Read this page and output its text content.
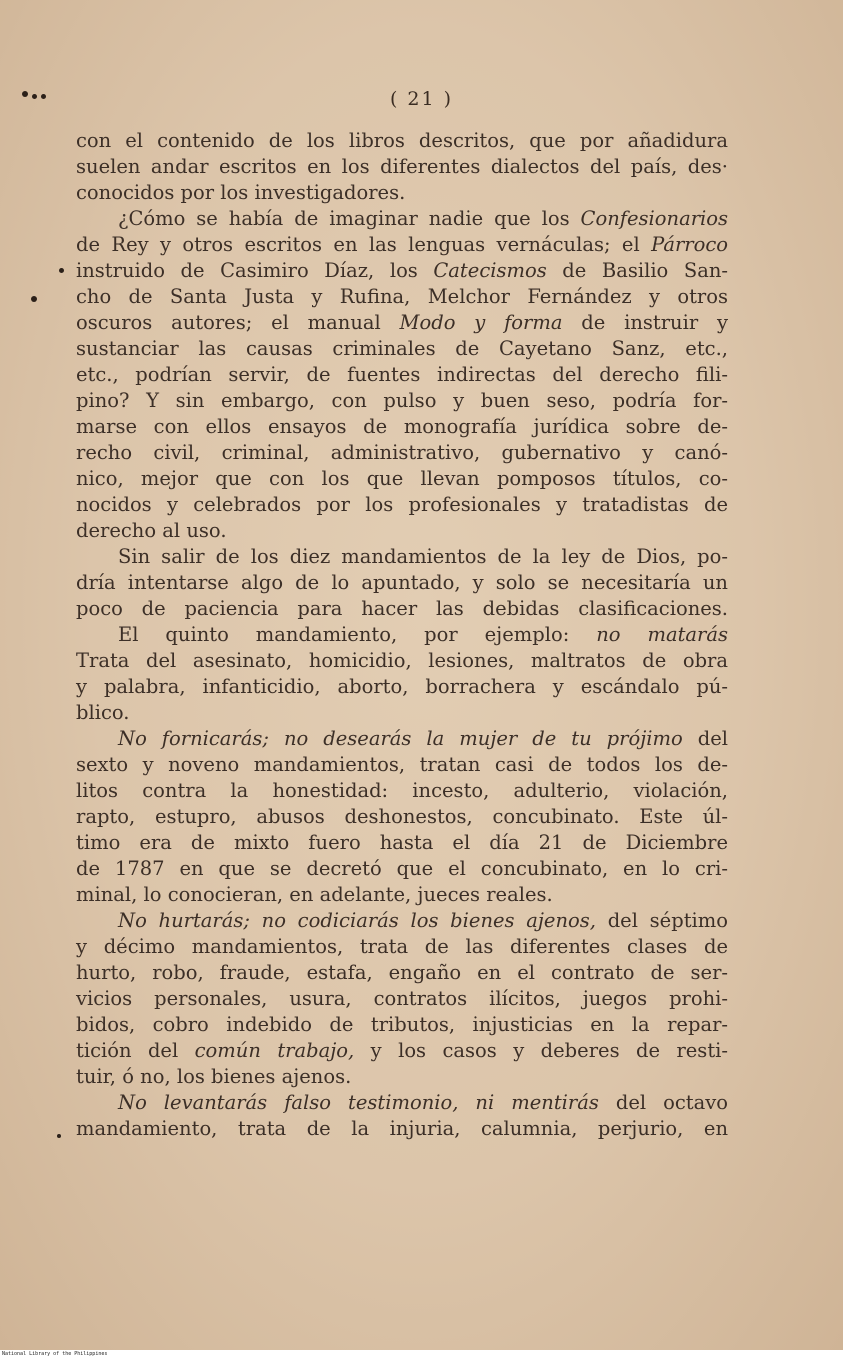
( 21 )
con el contenido de los libros descritos, que por añadidura
suelen andar escritos en los diferentes dialectos del país, des·
conocidos por los investigadores.
¿Cómo se había de imaginar nadie que los Confesionarios
de Rey y otros escritos en las lenguas vernáculas; el Párroco
instruido de Casimiro Díaz, los Catecismos de Basilio San-
cho de Santa Justa y Rufina, Melchor Fernández y otros
oscuros autores; el manual Modo y forma de instruir y
sustanciar las causas criminales de Cayetano Sanz, etc.,
etc., podrían servir, de fuentes indirectas del derecho fili-
pino? Y sin embargo, con pulso y buen seso, podría for-
marse con ellos ensayos de monografía jurídica sobre de-
recho civil, criminal, administrativo, gubernativo y canó-
nico, mejor que con los que llevan pomposos títulos, co-
nocidos y celebrados por los profesionales y tratadistas de
derecho al uso.
Sin salir de los diez mandamientos de la ley de Dios, po-
dría intentarse algo de lo apuntado, y solo se necesitaría un
poco de paciencia para hacer las debidas clasificaciones.
El quinto mandamiento, por ejemplo: no matarás
Trata del asesinato, homicidio, lesiones, maltratos de obra
y palabra, infanticidio, aborto, borrachera y escándalo pú-
blico.
No fornicarás; no desearás la mujer de tu prójimo del
sexto y noveno mandamientos, tratan casi de todos los de-
litos contra la honestidad: incesto, adulterio, violación,
rapto, estupro, abusos deshonestos, concubinato. Este úl-
timo era de mixto fuero hasta el día 21 de Diciembre
de 1787 en que se decretó que el concubinato, en lo cri-
minal, lo conocieran, en adelante, jueces reales.
No hurtarás; no codiciarás los bienes ajenos, del séptimo
y décimo mandamientos, trata de las diferentes clases de
hurto, robo, fraude, estafa, engaño en el contrato de ser-
vicios personales, usura, contratos ilícitos, juegos prohi-
bidos, cobro indebido de tributos, injusticias en la repar-
tición del común trabajo, y los casos y deberes de resti-
tuir, ó no, los bienes ajenos.
No levantarás falso testimonio, ni mentirás del octavo
mandamiento, trata de la injuria, calumnia, perjurio, en
National Library of the Philippines
